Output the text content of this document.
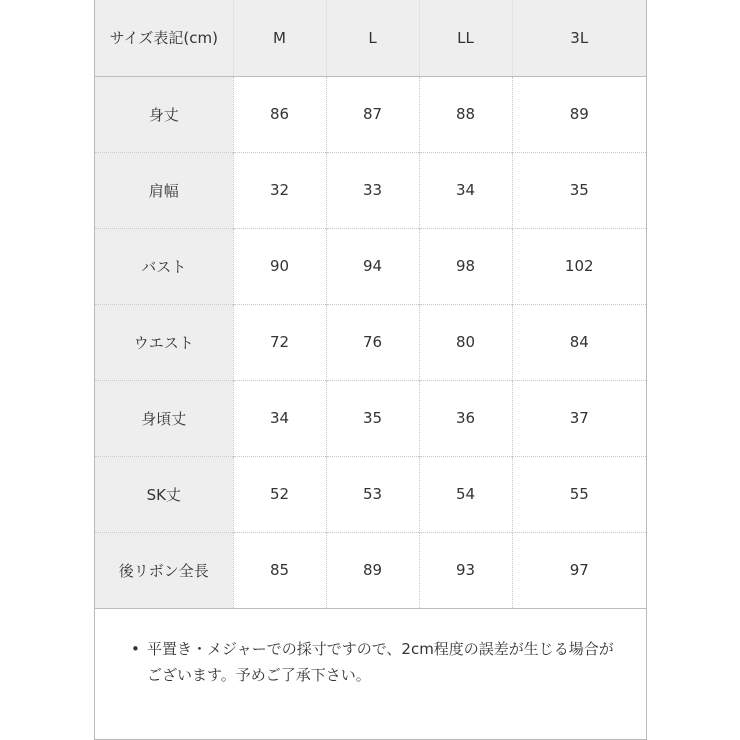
サイズ表記(cm)	M	L	LL	3L
身丈	86	87	88	89
肩幅	32	33	34	35
バスト	90	94	98	102
ウエスト	72	76	80	84
身頃丈	34	35	36	37
SK丈	52	53	54	55
後リボン全長	85	89	93	97
• 平置き・メジャーでの採寸ですので、2cm程度の誤差が生じる場合がございます。予めご了承下さい。
